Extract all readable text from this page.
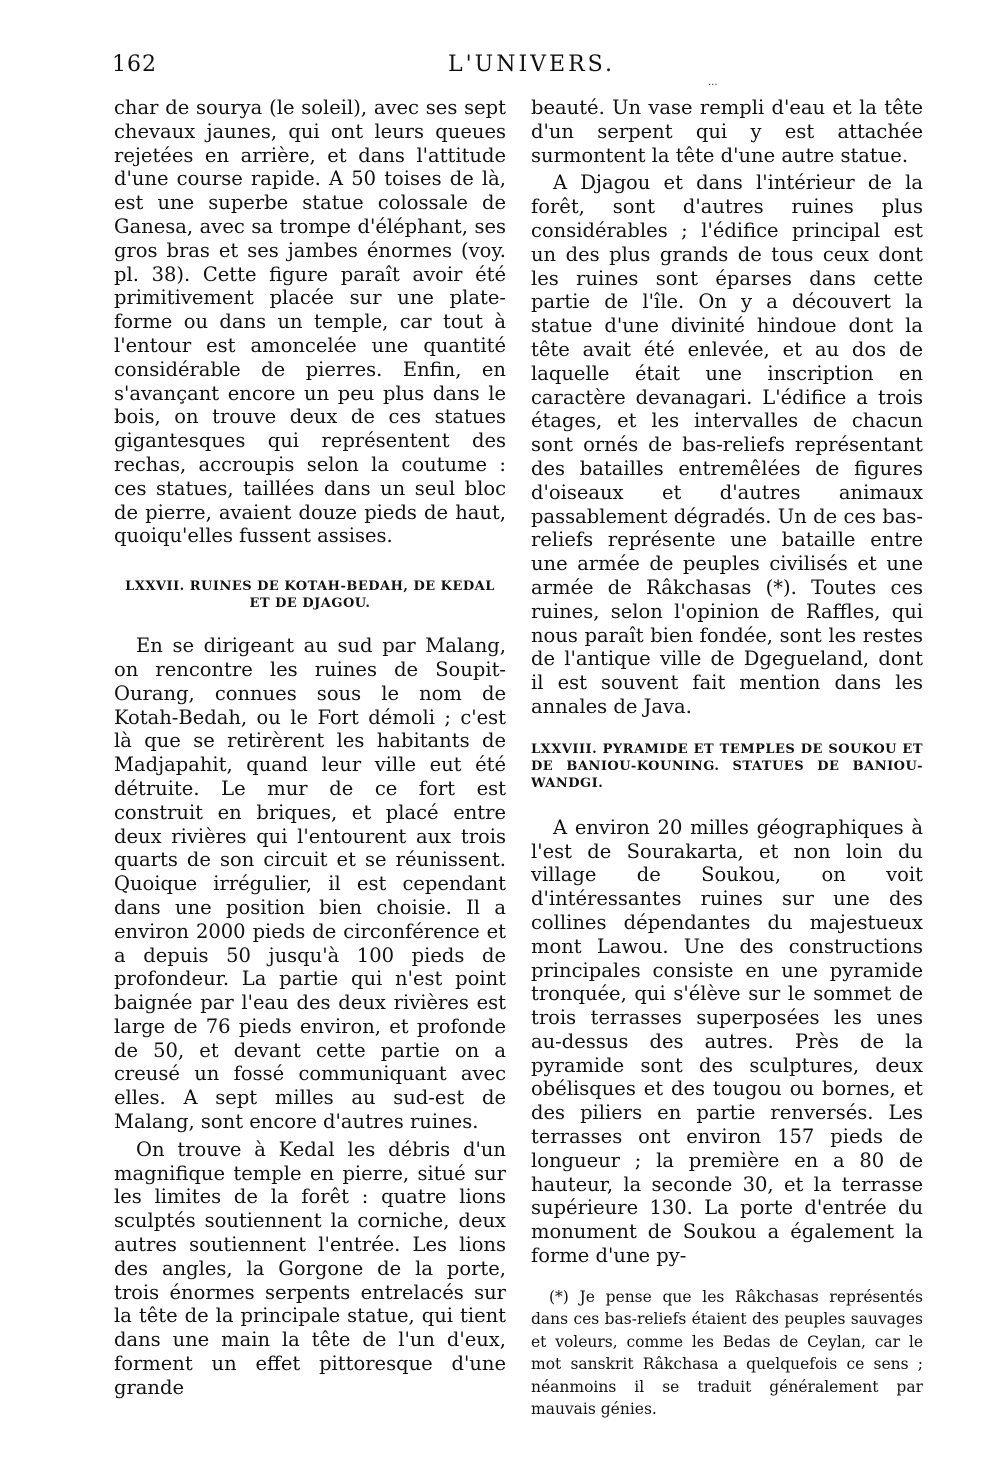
162	L'UNIVERS.
···

char de sourya (le soleil), avec ses sept chevaux jaunes, qui ont leurs queues rejetées en arrière, et dans l'attitude d'une course rapide. A 50 toises de là, est une superbe statue colossale de Ganesa, avec sa trompe d'éléphant, ses gros bras et ses jambes énormes (voy. pl. 38). Cette figure paraît avoir été primitivement placée sur une plate-forme ou dans un temple, car tout à l'entour est amoncelée une quantité considérable de pierres. Enfin, en s'avançant encore un peu plus dans le bois, on trouve deux de ces statues gigantesques qui représentent des rechas, accroupis selon la coutume : ces statues, taillées dans un seul bloc de pierre, avaient douze pieds de haut, quoiqu'elles fussent assises.

LXXVII. RUINES DE KOTAH-BEDAH, DE KEDAL ET DE DJAGOU.

En se dirigeant au sud par Malang, on rencontre les ruines de Soupit-Ourang, connues sous le nom de Kotah-Bedah, ou le Fort démoli ; c'est là que se retirèrent les habitants de Madjapahit, quand leur ville eut été détruite. Le mur de ce fort est construit en briques, et placé entre deux rivières qui l'entourent aux trois quarts de son circuit et se réunissent. Quoique irrégulier, il est cependant dans une position bien choisie. Il a environ 2000 pieds de circonférence et a depuis 50 jusqu'à 100 pieds de profondeur. La partie qui n'est point baignée par l'eau des deux rivières est large de 76 pieds environ, et profonde de 50, et devant cette partie on a creusé un fossé communiquant avec elles. A sept milles au sud-est de Malang, sont encore d'autres ruines.

On trouve à Kedal les débris d'un magnifique temple en pierre, situé sur les limites de la forêt : quatre lions sculptés soutiennent la corniche, deux autres soutiennent l'entrée. Les lions des angles, la Gorgone de la porte, trois énormes serpents entrelacés sur la tête de la principale statue, qui tient dans une main la tête de l'un d'eux, forment un effet pittoresque d'une grande

beauté. Un vase rempli d'eau et la tête d'un serpent qui y est attachée surmontent la tête d'une autre statue.

A Djagou et dans l'intérieur de la forêt, sont d'autres ruines plus considérables ; l'édifice principal est un des plus grands de tous ceux dont les ruines sont éparses dans cette partie de l'île. On y a découvert la statue d'une divinité hindoue dont la tête avait été enlevée, et au dos de laquelle était une inscription en caractère devanagari. L'édifice a trois étages, et les intervalles de chacun sont ornés de bas-reliefs représentant des batailles entremêlées de figures d'oiseaux et d'autres animaux passablement dégradés. Un de ces bas-reliefs représente une bataille entre une armée de peuples civilisés et une armée de Râkchasas (*). Toutes ces ruines, selon l'opinion de Raffles, qui nous paraît bien fondée, sont les restes de l'antique ville de Dgegueland, dont il est souvent fait mention dans les annales de Java.

LXXVIII. PYRAMIDE ET TEMPLES DE SOUKOU ET DE BANIOU-KOUNING. STATUES DE BANIOU-WANDGI.

A environ 20 milles géographiques à l'est de Sourakarta, et non loin du village de Soukou, on voit d'intéressantes ruines sur une des collines dépendantes du majestueux mont Lawou. Une des constructions principales consiste en une pyramide tronquée, qui s'élève sur le sommet de trois terrasses superposées les unes au-dessus des autres. Près de la pyramide sont des sculptures, deux obélisques et des tougou ou bornes, et des piliers en partie renversés. Les terrasses ont environ 157 pieds de longueur ; la première en a 80 de hauteur, la seconde 30, et la terrasse supérieure 130. La porte d'entrée du monument de Soukou a également la forme d'une py-

(*) Je pense que les Râkchasas représentés dans ces bas-reliefs étaient des peuples sauvages et voleurs, comme les Bedas de Ceylan, car le mot sanskrit Râkchasa a quelquefois ce sens ; néanmoins il se traduit généralement par mauvais génies.
